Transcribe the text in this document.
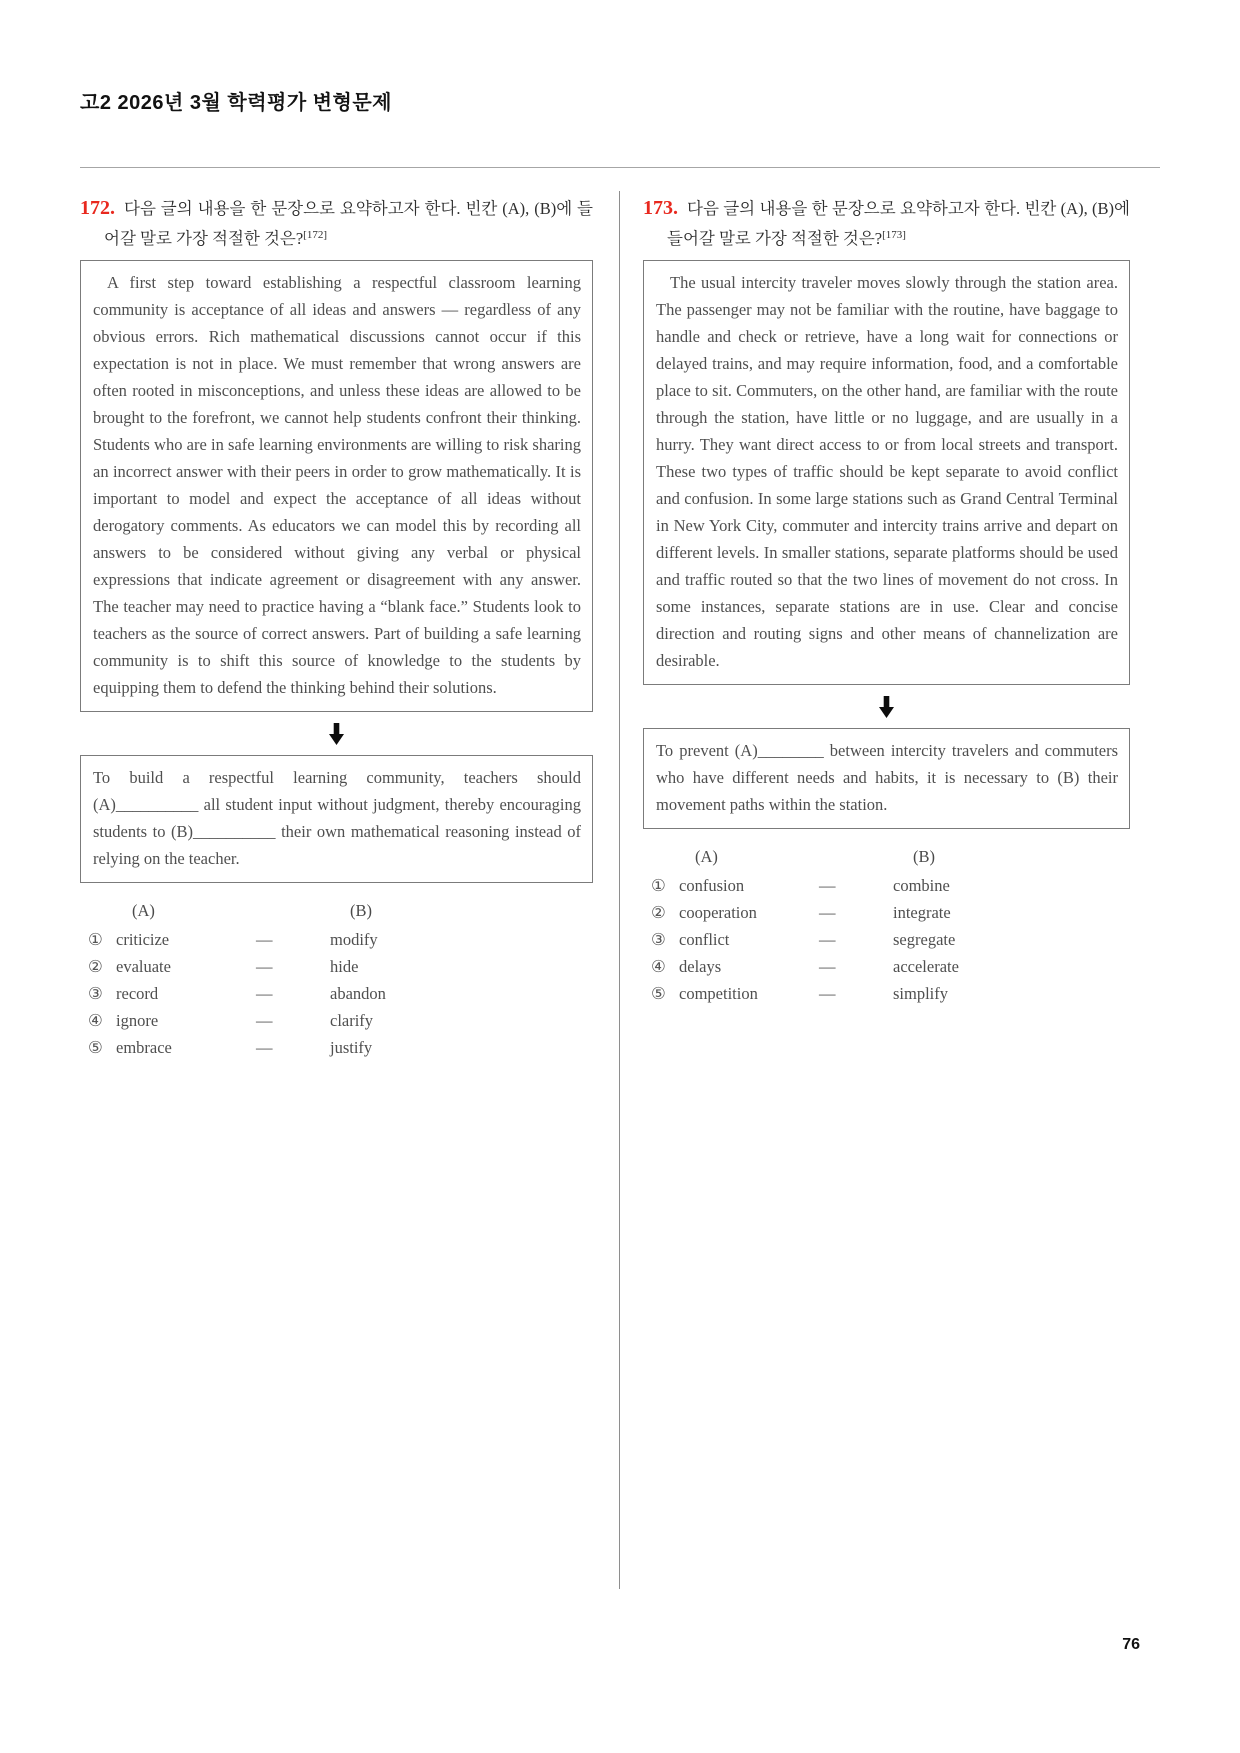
고2 2026년 3월 학력평가 변형문제
172. 다음 글의 내용을 한 문장으로 요약하고자 한다. 빈칸 (A), (B)에 들어갈 말로 가장 적절한 것은?[172]

A first step toward establishing a respectful classroom learning community is acceptance of all ideas and answers — regardless of any obvious errors. Rich mathematical discussions cannot occur if this expectation is not in place. We must remember that wrong answers are often rooted in misconceptions, and unless these ideas are allowed to be brought to the forefront, we cannot help students confront their thinking. Students who are in safe learning environments are willing to risk sharing an incorrect answer with their peers in order to grow mathematically. It is important to model and expect the acceptance of all ideas without derogatory comments. As educators we can model this by recording all answers to be considered without giving any verbal or physical expressions that indicate agreement or disagreement with any answer. The teacher may need to practice having a “blank face.” Students look to teachers as the source of correct answers. Part of building a safe learning community is to shift this source of knowledge to the students by equipping them to defend the thinking behind their solutions.

To build a respectful learning community, teachers should (A)__________ all student input without judgment, thereby encouraging students to (B)__________ their own mathematical reasoning instead of relying on the teacher.

(A)	(B)
① criticize	—	modify
② evaluate	—	hide
③ record	—	abandon
④ ignore	—	clarify
⑤ embrace	—	justify
173. 다음 글의 내용을 한 문장으로 요약하고자 한다. 빈칸 (A), (B)에 들어갈 말로 가장 적절한 것은?[173]

The usual intercity traveler moves slowly through the station area. The passenger may not be familiar with the routine, have baggage to handle and check or retrieve, have a long wait for connections or delayed trains, and may require information, food, and a comfortable place to sit. Commuters, on the other hand, are familiar with the route through the station, have little or no luggage, and are usually in a hurry. They want direct access to or from local streets and transport. These two types of traffic should be kept separate to avoid conflict and confusion. In some large stations such as Grand Central Terminal in New York City, commuter and intercity trains arrive and depart on different levels. In smaller stations, separate platforms should be used and traffic routed so that the two lines of movement do not cross. In some instances, separate stations are in use. Clear and concise direction and routing signs and other means of channelization are desirable.

To prevent (A)________ between intercity travelers and commuters who have different needs and habits, it is necessary to (B) their movement paths within the station.

(A)	(B)
① confusion	—	combine
② cooperation	—	integrate
③ conflict	—	segregate
④ delays	—	accelerate
⑤ competition	—	simplify
76
